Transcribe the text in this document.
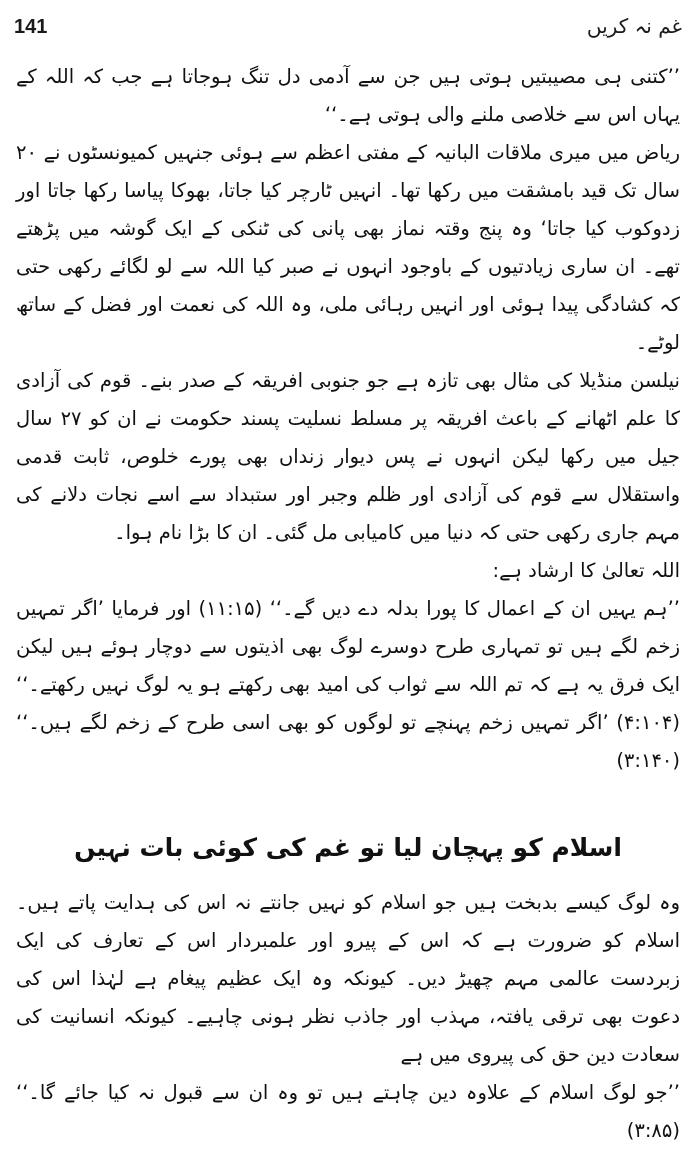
141	غم نہ کریں

’’کتنی ہی مصیبتیں ہوتی ہیں جن سے آدمی دل تنگ ہوجاتا ہے جب کہ اللہ کے یہاں اس سے خلاصی ملنے والی ہوتی ہے۔‘‘

ریاض میں میری ملاقات البانیہ کے مفتی اعظم سے ہوئی جنہیں کمیونسٹوں نے ۲۰ سال تک قید بامشقت میں رکھا تھا۔ انہیں ٹارچر کیا جاتا، بھوکا پیاسا رکھا جاتا اور زدوکوب کیا جاتا‘ وہ پنج وقتہ نماز بھی پانی کی ٹنکی کے ایک گوشہ میں پڑھتے تھے۔ ان ساری زیادتیوں کے باوجود انہوں نے صبر کیا اللہ سے لو لگائے رکھی حتی کہ کشادگی پیدا ہوئی اور انہیں رہائی ملی، وہ اللہ کی نعمت اور فضل کے ساتھ لوٹے۔

نیلسن منڈیلا کی مثال بھی تازہ ہے جو جنوبی افریقہ کے صدر بنے۔ قوم کی آزادی کا علم اٹھانے کے باعث افریقہ پر مسلط نسلیت پسند حکومت نے ان کو ۲۷ سال جیل میں رکھا لیکن انہوں نے پس دیوار زنداں بھی پورے خلوص، ثابت قدمی واستقلال سے قوم کی آزادی اور ظلم وجبر اور ستبداد سے اسے نجات دلانے کی مہم جاری رکھی حتی کہ دنیا میں کامیابی مل گئی۔ ان کا بڑا نام ہوا۔

اللہ تعالیٰ کا ارشاد ہے:

’’ہم یہیں ان کے اعمال کا پورا بدلہ دے دیں گے۔‘‘ (۱۱:۱۵) اور فرمایا ’اگر تمہیں زخم لگے ہیں تو تمہاری طرح دوسرے لوگ بھی اذیتوں سے دوچار ہوئے ہیں لیکن ایک فرق یہ ہے کہ تم اللہ سے ثواب کی امید بھی رکھتے ہو یہ لوگ نہیں رکھتے۔‘‘ (۴:۱۰۴) ’اگر تمہیں زخم پہنچے تو لوگوں کو بھی اسی طرح کے زخم لگے ہیں۔‘‘ (۳:۱۴۰)

اسلام کو پہچان لیا تو غم کی کوئی بات نہیں

وہ لوگ کیسے بدبخت ہیں جو اسلام کو نہیں جانتے نہ اس کی ہدایت پاتے ہیں۔ اسلام کو ضرورت ہے کہ اس کے پیرو اور علمبردار اس کے تعارف کی ایک زبردست عالمی مہم چھیڑ دیں۔ کیونکہ وہ ایک عظیم پیغام ہے لہٰذا اس کی دعوت بھی ترقی یافتہ، مہذب اور جاذب نظر ہونی چاہیے۔ کیونکہ انسانیت کی سعادت دین حق کی پیروی میں ہے

’’جو لوگ اسلام کے علاوہ دین چاہتے ہیں تو وہ ان سے قبول نہ کیا جائے گا۔‘‘ (۳:۸۵)
